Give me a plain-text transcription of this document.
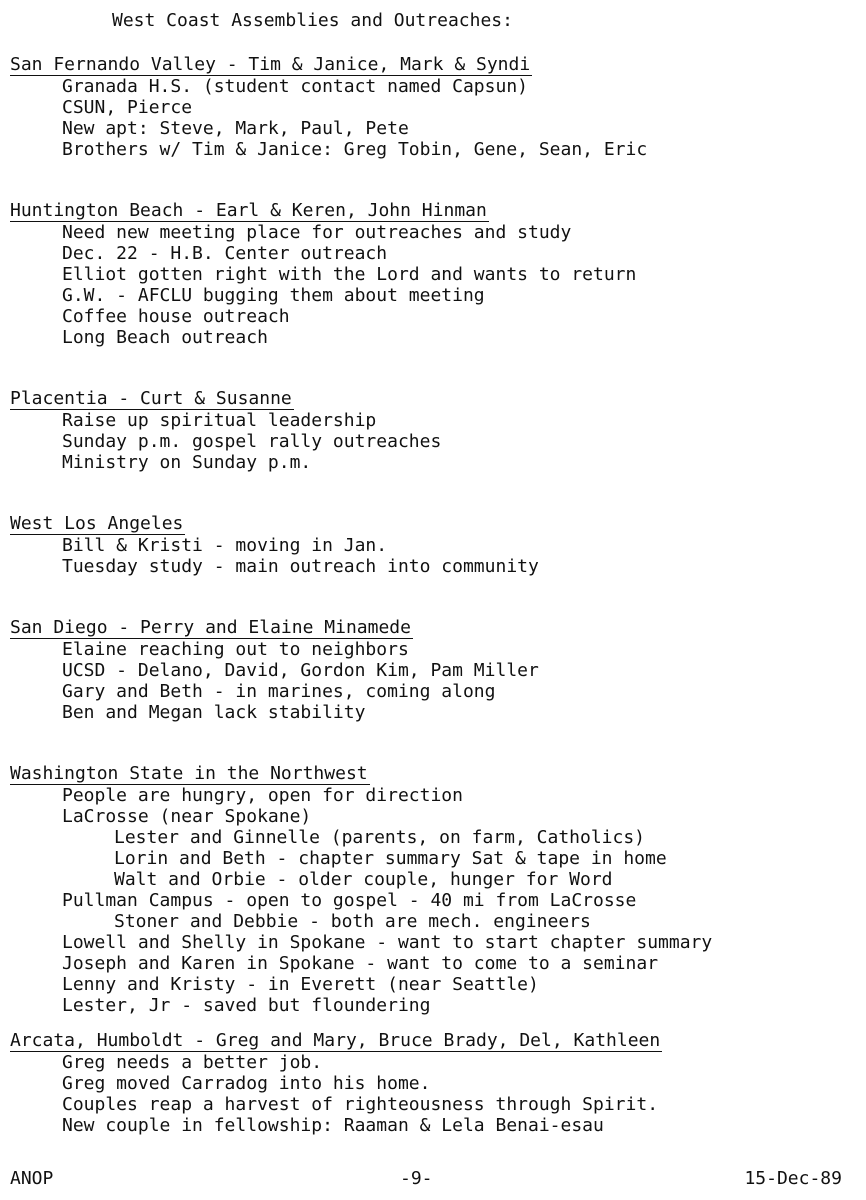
West Coast Assemblies and Outreaches:
San Fernando Valley - Tim & Janice, Mark & Syndi
Granada H.S. (student contact named Capsun)
CSUN, Pierce
New apt: Steve, Mark, Paul, Pete
Brothers w/ Tim & Janice: Greg Tobin, Gene, Sean, Eric
Huntington Beach - Earl & Keren, John Hinman
Need new meeting place for outreaches and study
Dec. 22 - H.B. Center outreach
Elliot gotten right with the Lord and wants to return
G.W. - AFCLU bugging them about meeting
Coffee house outreach
Long Beach outreach
Placentia - Curt & Susanne
Raise up spiritual leadership
Sunday p.m. gospel rally outreaches
Ministry on Sunday p.m.
West Los Angeles
Bill & Kristi - moving in Jan.
Tuesday study - main outreach into community
San Diego - Perry and Elaine Minamede
Elaine reaching out to neighbors
UCSD - Delano, David, Gordon Kim, Pam Miller
Gary and Beth - in marines, coming along
Ben and Megan lack stability
Washington State in the Northwest
People are hungry, open for direction
LaCrosse (near Spokane)
Lester and Ginnelle (parents, on farm, Catholics)
Lorin and Beth - chapter summary Sat & tape in home
Walt and Orbie - older couple, hunger for Word
Pullman Campus - open to gospel - 40 mi from LaCrosse
Stoner and Debbie - both are mech. engineers
Lowell and Shelly in Spokane - want to start chapter summary
Joseph and Karen in Spokane - want to come to a seminar
Lenny and Kristy - in Everett (near Seattle)
Lester, Jr - saved but floundering
Arcata, Humboldt - Greg and Mary, Bruce Brady, Del, Kathleen
Greg needs a better job.
Greg moved Carradog into his home.
Couples reap a harvest of righteousness through Spirit.
New couple in fellowship: Raaman & Lela Benai-esau
ANOP	-9-	15-Dec-89
